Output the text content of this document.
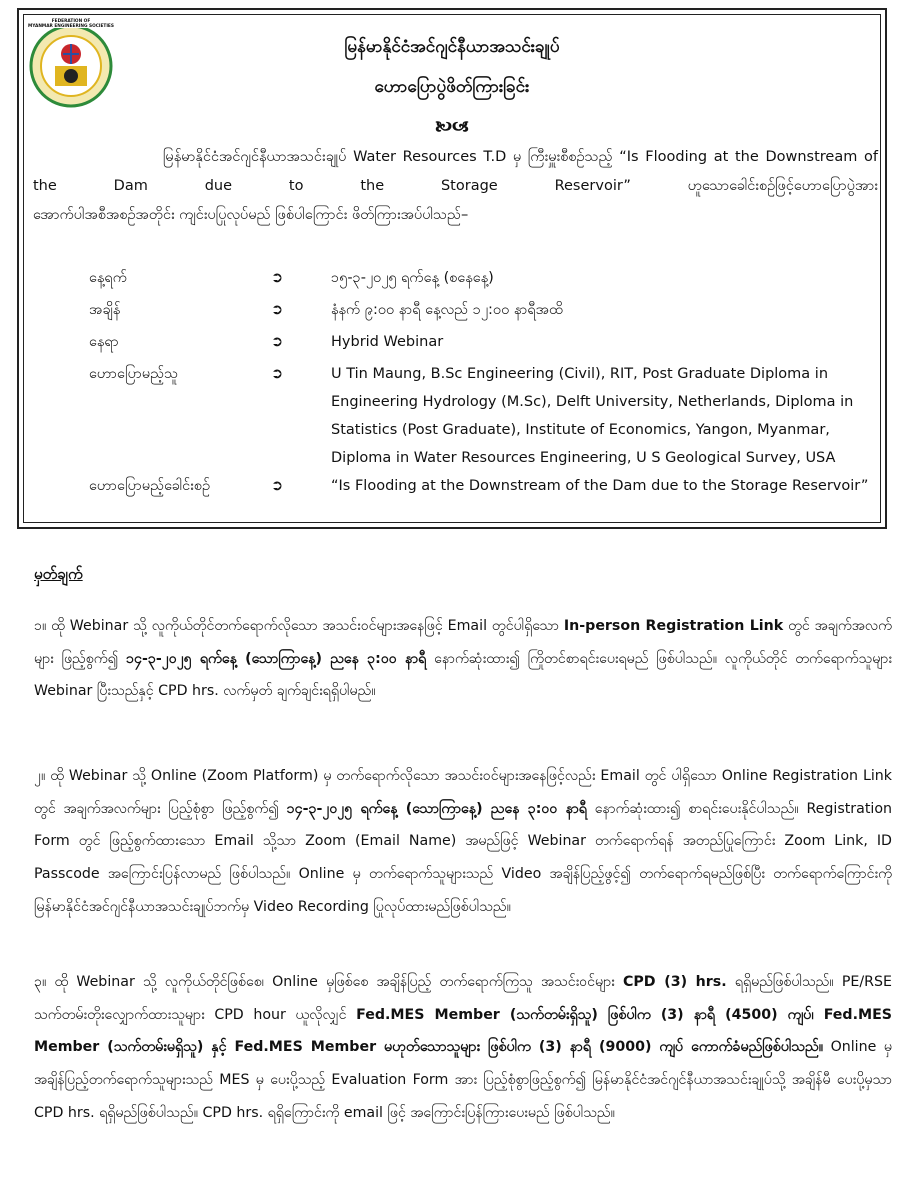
FEDERATION OF
MYANMAR ENGINEERING SOCIETIES
မြန်မာနိုင်ငံအင်ဂျင်နီယာအသင်းချုပ်
ဟောပြောပွဲဖိတ်ကြားခြင်း
🙤🙦
မြန်မာနိုင်ငံအင်ဂျင်နီယာအသင်းချုပ် Water Resources T.D မှ ကြီးမှူးစီစဉ်သည့် “Is Flooding at the Downstream of the Dam due to the Storage Reservoir” ဟူသောခေါင်းစဉ်ဖြင့်ဟောပြောပွဲအား
အောက်ပါအစီအစဉ်အတိုင်း ကျင်းပပြုလုပ်မည် ဖြစ်ပါကြောင်း ဖိတ်ကြားအပ်ပါသည်–
နေ့ရက်	➲	၁၅-၃-၂၀၂၅ ရက်နေ့ (စနေနေ့)
အချိန်	➲	နံနက် ၉:၀၀ နာရီ နေ့လည် ၁၂:၀၀ နာရီအထိ
နေရာ	➲	Hybrid Webinar
ဟောပြောမည့်သူ	➲	U Tin Maung, B.Sc Engineering (Civil), RIT, Post Graduate Diploma in Engineering Hydrology (M.Sc), Delft University, Netherlands, Diploma in Statistics (Post Graduate), Institute of Economics, Yangon, Myanmar, Diploma in Water Resources Engineering, U S Geological Survey, USA
ဟောပြောမည့်ခေါင်းစဉ်	➲	“Is Flooding at the Downstream of the Dam due to the Storage Reservoir”
မှတ်ချက်
၁။ ထို Webinar သို့ လူကိုယ်တိုင်တက်ရောက်လိုသော အသင်းဝင်များအနေဖြင့် Email တွင်ပါရှိသော In-person Registration Link တွင် အချက်အလက်များ ဖြည့်စွက်၍ ၁၄-၃-၂၀၂၅ ရက်နေ့ (သောကြာနေ့) ညနေ ၃:၀၀ နာရီ နောက်ဆုံးထား၍ ကြိုတင်စာရင်းပေးရမည် ဖြစ်ပါသည်။ လူကိုယ်တိုင် တက်ရောက်သူများ Webinar ပြီးသည်နှင့် CPD hrs. လက်မှတ် ချက်ချင်းရရှိပါမည်။
၂။ ထို Webinar သို့ Online (Zoom Platform) မှ တက်ရောက်လိုသော အသင်းဝင်များအနေဖြင့်လည်း Email တွင် ပါရှိသော Online Registration Link တွင် အချက်အလက်များ ပြည့်စုံစွာ ဖြည့်စွက်၍ ၁၄-၃-၂၀၂၅ ရက်နေ့ (သောကြာနေ့) ညနေ ၃:၀၀ နာရီ နောက်ဆုံးထား၍ စာရင်းပေးနိုင်ပါသည်။ Registration Form တွင် ဖြည့်စွက်ထားသော Email သို့သာ Zoom (Email Name) အမည်ဖြင့် Webinar တက်ရောက်ရန် အတည်ပြုကြောင်း Zoom Link, ID Passcode အကြောင်းပြန်လာမည် ဖြစ်ပါသည်။ Online မှ တက်ရောက်သူများသည် Video အချိန်ပြည့်ဖွင့်၍ တက်ရောက်ရမည်ဖြစ်ပြီး တက်ရောက်ကြောင်းကို မြန်မာနိုင်ငံအင်ဂျင်နီယာအသင်းချုပ်ဘက်မှ Video Recording ပြုလုပ်ထားမည်ဖြစ်ပါသည်။
၃။ ထို Webinar သို့ လူကိုယ်တိုင်ဖြစ်စေ၊ Online မှဖြစ်စေ အချိန်ပြည့် တက်ရောက်ကြသူ အသင်းဝင်များ CPD (3) hrs. ရရှိမည်ဖြစ်ပါသည်။ PE/RSE သက်တမ်းတိုးလျှောက်ထားသူများ CPD hour ယူလိုလျှင် Fed.MES Member (သက်တမ်းရှိသူ) ဖြစ်ပါက (3) နာရီ (4500) ကျပ်၊ Fed.MES Member (သက်တမ်းမရှိသူ) နှင့် Fed.MES Member မဟုတ်သောသူများ ဖြစ်ပါက (3) နာရီ (9000) ကျပ် ကောက်ခံမည်ဖြစ်ပါသည်။ Online မှ အချိန်ပြည့်တက်ရောက်သူများသည် MES မှ ပေးပို့သည့် Evaluation Form အား ပြည့်စုံစွာဖြည့်စွက်၍ မြန်မာနိုင်ငံအင်ဂျင်နီယာအသင်းချုပ်သို့ အချိန်မီ ပေးပို့မှသာ CPD hrs. ရရှိမည်ဖြစ်ပါသည်။ CPD hrs. ရရှိကြောင်းကို email ဖြင့် အကြောင်းပြန်ကြားပေးမည် ဖြစ်ပါသည်။
